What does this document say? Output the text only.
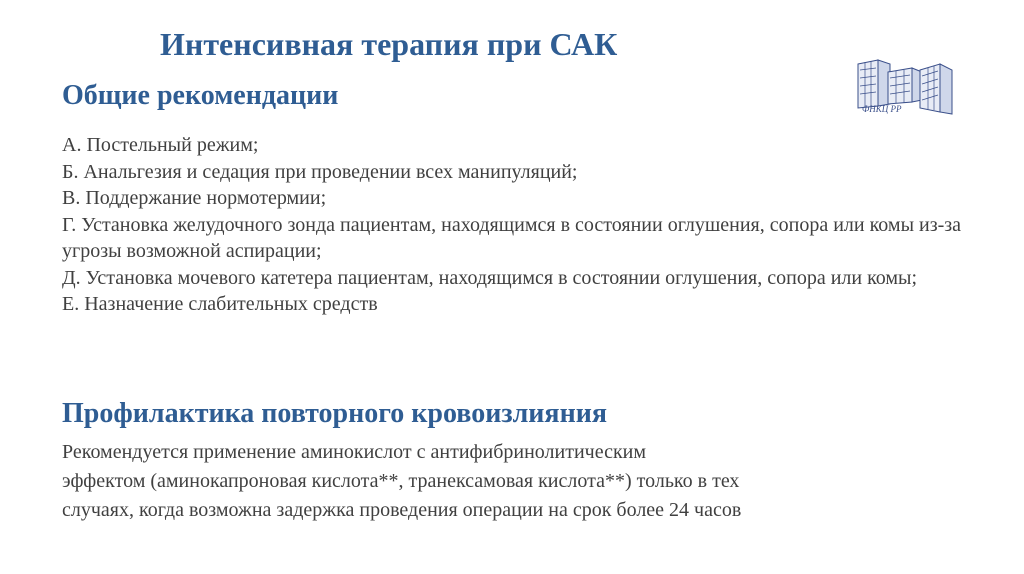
Интенсивная терапия при САК
Общие рекомендации
А. Постельный режим;
Б. Анальгезия и седация при проведении всех манипуляций;
В. Поддержание нормотермии;
Г. Установка желудочного зонда пациентам, находящимся в состоянии оглушения, сопора или комы из-за угрозы возможной аспирации;
Д. Установка мочевого катетера пациентам, находящимся в состоянии оглушения, сопора или комы;
Е. Назначение слабительных средств
Профилактика повторного кровоизлияния
Рекомендуется применение аминокислот с антифибринолитическим
эффектом (аминокапроновая кислота**, транексамовая кислота**) только в тех
случаях, когда возможна задержка проведения операции на срок более 24 часов
ФНКЦ РР
